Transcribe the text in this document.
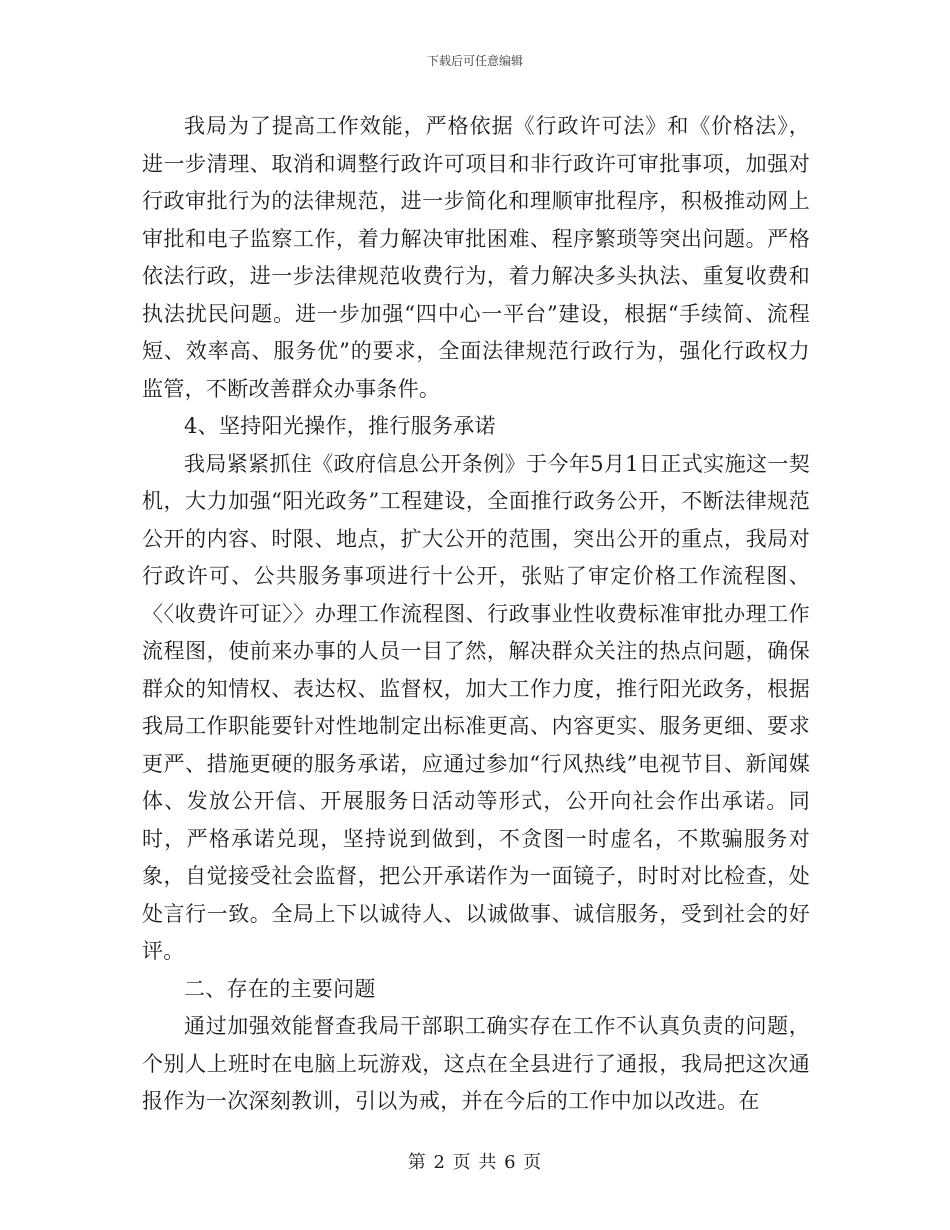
下载后可任意编辑

我局为了提高工作效能，严格依据《行政许可法》和《价格法》，进一步清理、取消和调整行政许可项目和非行政许可审批事项，加强对行政审批行为的法律规范，进一步简化和理顺审批程序，积极推动网上审批和电子监察工作，着力解决审批困难、程序繁琐等突出问题。严格依法行政，进一步法律规范收费行为，着力解决多头执法、重复收费和执法扰民问题。进一步加强“四中心一平台”建设，根据“手续简、流程短、效率高、服务优”的要求，全面法律规范行政行为，强化行政权力监管，不断改善群众办事条件。

4、坚持阳光操作，推行服务承诺

我局紧紧抓住《政府信息公开条例》于今年5月1日正式实施这一契机，大力加强“阳光政务”工程建设，全面推行政务公开，不断法律规范公开的内容、时限、地点，扩大公开的范围，突出公开的重点，我局对行政许可、公共服务事项进行十公开，张贴了审定价格工作流程图、〈〈收费许可证〉〉办理工作流程图、行政事业性收费标准审批办理工作流程图，使前来办事的人员一目了然，解决群众关注的热点问题，确保群众的知情权、表达权、监督权，加大工作力度，推行阳光政务，根据我局工作职能要针对性地制定出标准更高、内容更实、服务更细、要求更严、措施更硬的服务承诺，应通过参加“行风热线”电视节目、新闻媒体、发放公开信、开展服务日活动等形式，公开向社会作出承诺。同时，严格承诺兑现，坚持说到做到，不贪图一时虚名，不欺骗服务对象，自觉接受社会监督，把公开承诺作为一面镜子，时时对比检查，处处言行一致。全局上下以诚待人、以诚做事、诚信服务，受到社会的好评。

二、存在的主要问题

通过加强效能督查我局干部职工确实存在工作不认真负责的问题，个别人上班时在电脑上玩游戏，这点在全县进行了通报，我局把这次通报作为一次深刻教训，引以为戒，并在今后的工作中加以改进。在

第 2 页 共 6 页
